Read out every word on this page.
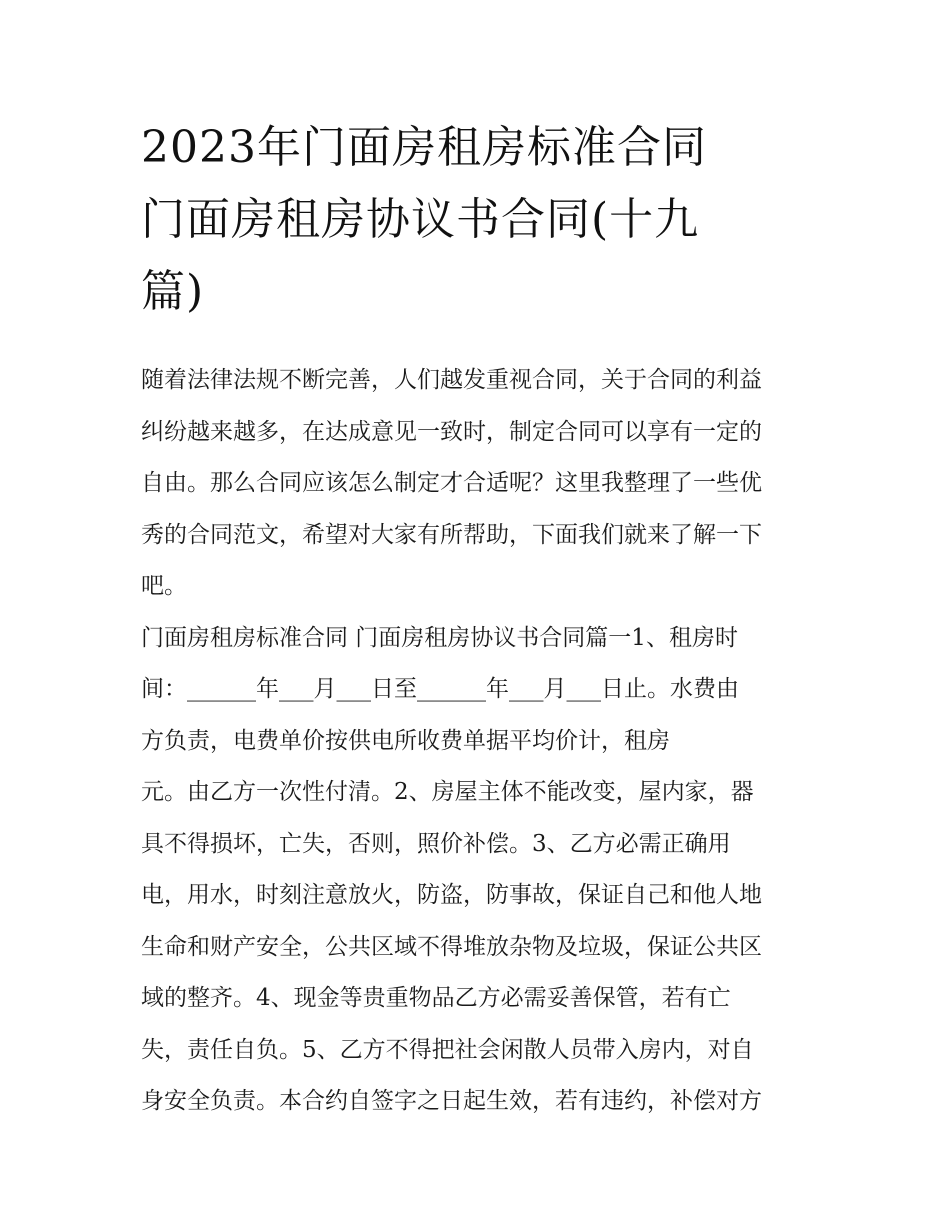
2023年门面房租房标准合同
门面房租房协议书合同(十九
篇)
随着法律法规不断完善，人们越发重视合同，关于合同的利益
纠纷越来越多，在达成意见一致时，制定合同可以享有一定的
自由。那么合同应该怎么制定才合适呢？这里我整理了一些优
秀的合同范文，希望对大家有所帮助，下面我们就来了解一下
吧。
门面房租房标准合同 门面房租房协议书合同篇一1、租房时
间：______年___月___日至______年___月___日止。水费由
方负责，电费单价按供电所收费单据平均价计，租房
元。由乙方一次性付清。2、房屋主体不能改变，屋内家，器
具不得损坏，亡失，否则，照价补偿。3、乙方必需正确用
电，用水，时刻注意放火，防盗，防事故，保证自己和他人地
生命和财产安全，公共区域不得堆放杂物及垃圾，保证公共区
域的整齐。4、现金等贵重物品乙方必需妥善保管，若有亡
失，责任自负。5、乙方不得把社会闲散人员带入房内，对自
身安全负责。本合约自签字之日起生效，若有违约，补偿对方
